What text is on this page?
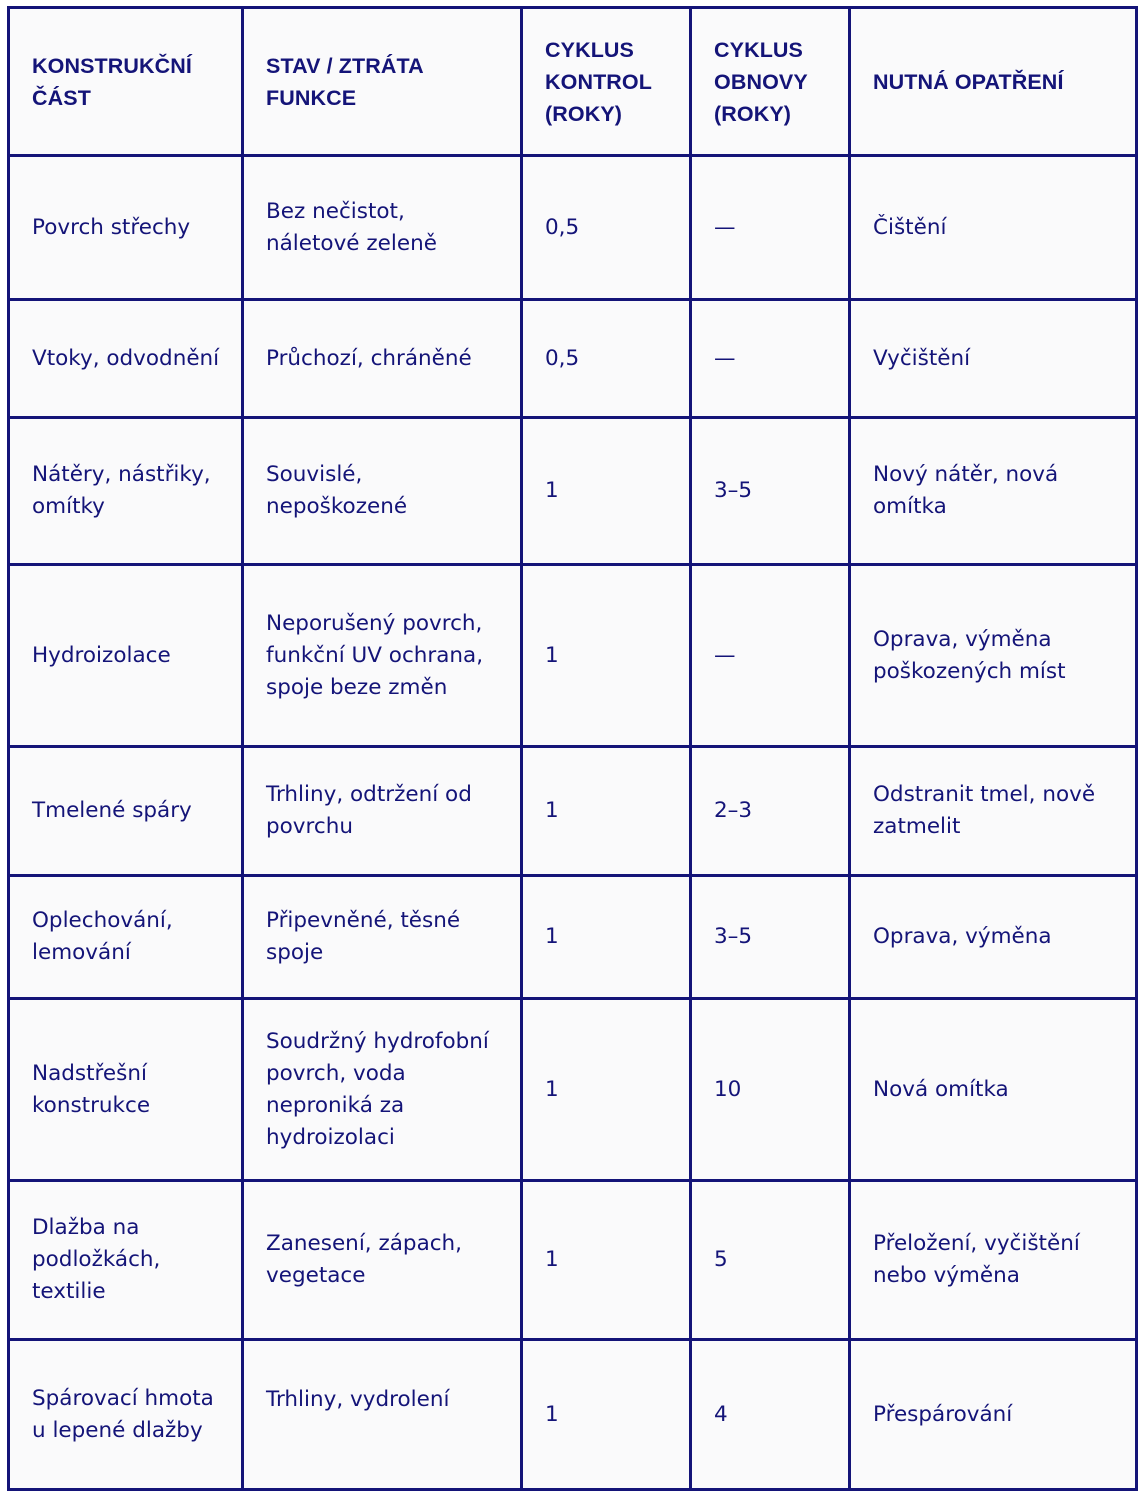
KONSTRUKČNÍ ČÁST	STAV / ZTRÁTA FUNKCE	CYKLUS KONTROL (ROKY)	CYKLUS OBNOVY (ROKY)	NUTNÁ OPATŘENÍ

Povrch střechy	Bez nečistot, náletové zeleně	0,5	—	Čištění

Vtoky, odvodnění	Průchozí, chráněné	0,5	—	Vyčištění

Nátěry, nástřiky, omítky	Souvislé, nepoškozené	1	3–5	Nový nátěr, nová omítka

Hydroizolace	Neporušený povrch, funkční UV ochrana, spoje beze změn	1	—	Oprava, výměna poškozených míst

Tmelené spáry	Trhliny, odtržení od povrchu	1	2–3	Odstranit tmel, nově zatmelit

Oplechování, lemování	Připevněné, těsné spoje	1	3–5	Oprava, výměna

Nadstřešní konstrukce	Soudržný hydrofobní povrch, voda neproniká za hydroizolaci	1	10	Nová omítka

Dlažba na podložkách, textilie	Zanesení, zápach, vegetace	1	5	Přeložení, vyčištění nebo výměna

Spárovací hmota u lepené dlažby	Trhliny, vydrolení	1	4	Přespárování
